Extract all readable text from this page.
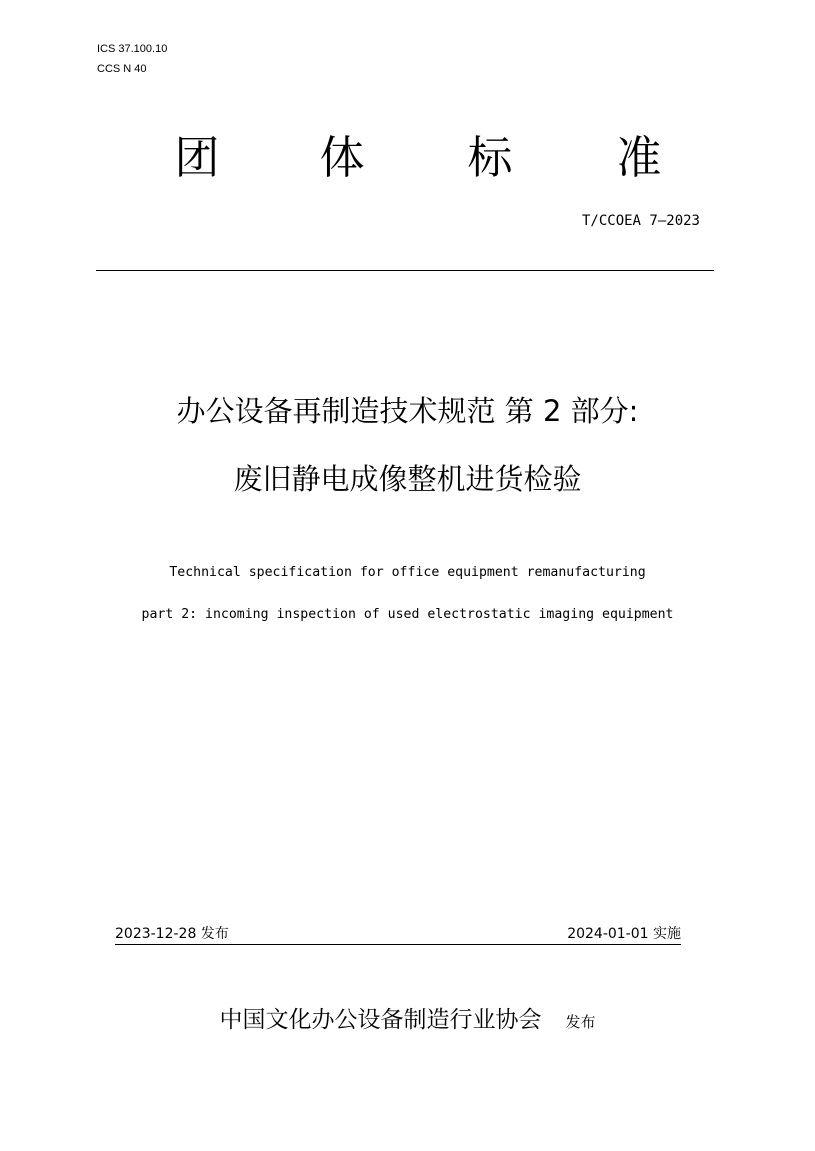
ICS 37.100.10
CCS N 40
团	体	标	准
T/CCOEA 7—2023
办公设备再制造技术规范 第 2 部分:
废旧静电成像整机进货检验
Technical specification for office equipment remanufacturing
part 2: incoming inspection of used electrostatic imaging equipment
2023-12-28 发布	2024-01-01 实施
中国文化办公设备制造行业协会 发布
